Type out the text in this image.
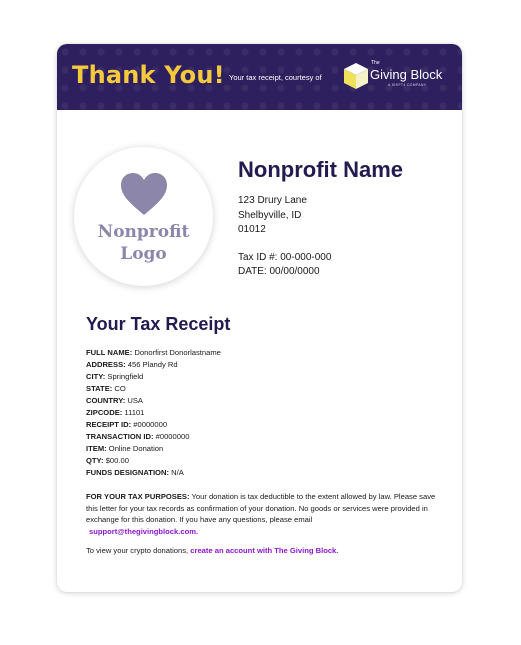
Thank You! Your tax receipt, courtesy of
The
Giving Block
A SHIFT4 COMPANY
Nonprofit
Logo
Nonprofit Name
123 Drury Lane
Shelbyville, ID
01012
Tax ID #: 00-000-000
DATE: 00/00/0000
Your Tax Receipt
FULL NAME: Donorfirst Donorlastname
ADDRESS: 456 Plandy Rd
CITY: Springfield
STATE: CO
COUNTRY: USA
ZIPCODE: 11101
RECEIPT ID: #0000000
TRANSACTION ID: #0000000
ITEM: Online Donation
QTY: $00.00
FUNDS DESIGNATION: N/A
FOR YOUR TAX PURPOSES: Your donation is tax deductible to the extent allowed by law. Please save this letter for your tax records as confirmation of your donation. No goods or services were provided in exchange for this donation. If you have any questions, please email
support@thegivingblock.com.
To view your crypto donations, create an account with The Giving Block.
